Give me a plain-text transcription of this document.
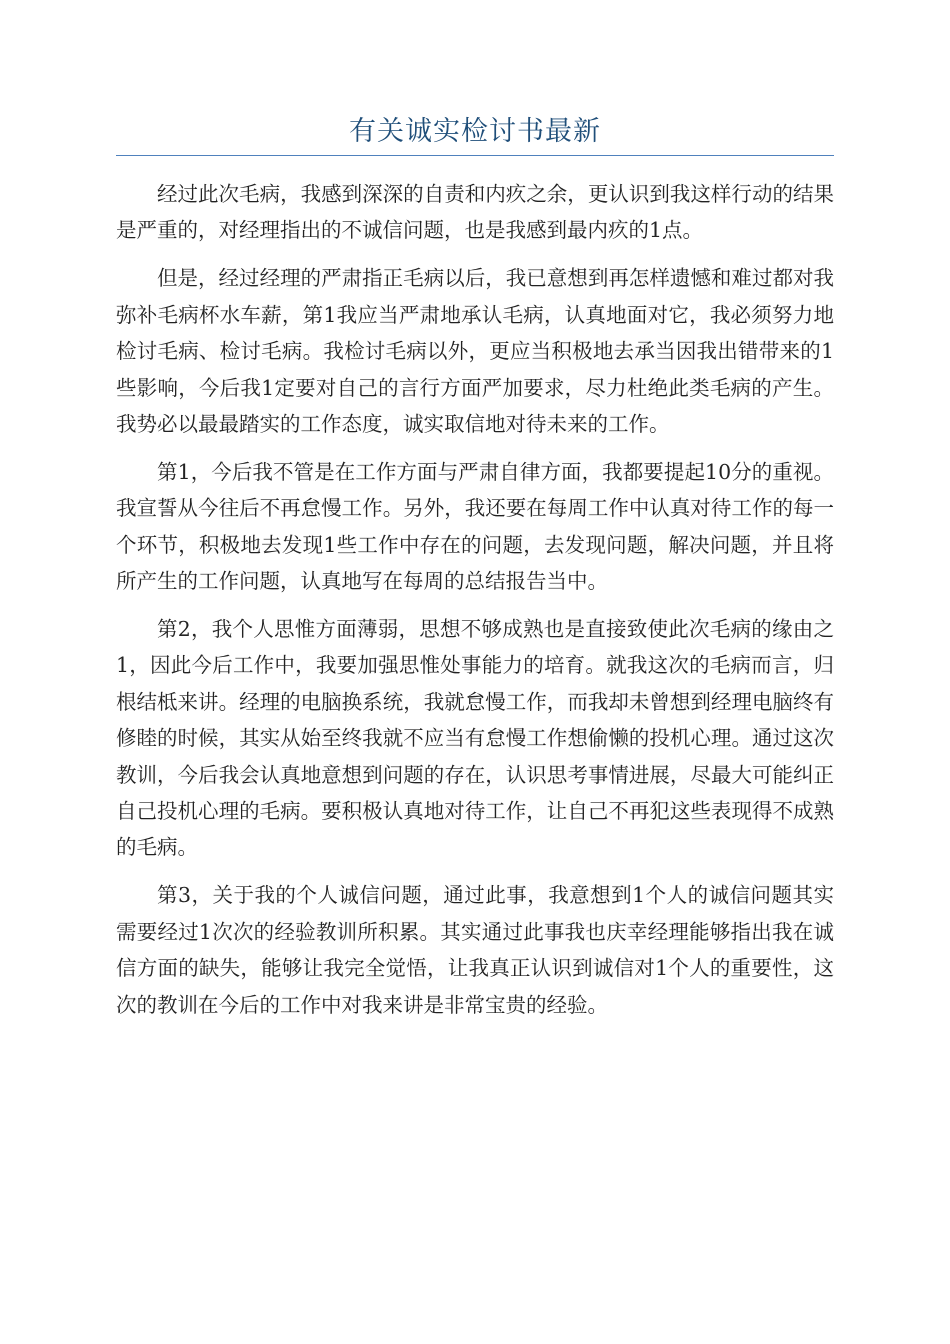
有关诚实检讨书最新

经过此次毛病，我感到深深的自责和内疚之余，更认识到我这样行动的结果是严重的，对经理指出的不诚信问题，也是我感到最内疚的1点。

但是，经过经理的严肃指正毛病以后，我已意想到再怎样遗憾和难过都对我弥补毛病杯水车薪，第1我应当严肃地承认毛病，认真地面对它，我必须努力地检讨毛病、检讨毛病。我检讨毛病以外，更应当积极地去承当因我出错带来的1些影响，今后我1定要对自己的言行方面严加要求，尽力杜绝此类毛病的产生。我势必以最最踏实的工作态度，诚实取信地对待未来的工作。

第1，今后我不管是在工作方面与严肃自律方面，我都要提起10分的重视。我宣誓从今往后不再怠慢工作。另外，我还要在每周工作中认真对待工作的每一个环节，积极地去发现1些工作中存在的问题，去发现问题，解决问题，并且将所产生的工作问题，认真地写在每周的总结报告当中。

第2，我个人思惟方面薄弱，思想不够成熟也是直接致使此次毛病的缘由之1，因此今后工作中，我要加强思惟处事能力的培育。就我这次的毛病而言，归根结柢来讲。经理的电脑换系统，我就怠慢工作，而我却未曾想到经理电脑终有修睦的时候，其实从始至终我就不应当有怠慢工作想偷懒的投机心理。通过这次教训，今后我会认真地意想到问题的存在，认识思考事情进展，尽最大可能纠正自己投机心理的毛病。要积极认真地对待工作，让自己不再犯这些表现得不成熟的毛病。

第3，关于我的个人诚信问题，通过此事，我意想到1个人的诚信问题其实需要经过1次次的经验教训所积累。其实通过此事我也庆幸经理能够指出我在诚信方面的缺失，能够让我完全觉悟，让我真正认识到诚信对1个人的重要性，这次的教训在今后的工作中对我来讲是非常宝贵的经验。
